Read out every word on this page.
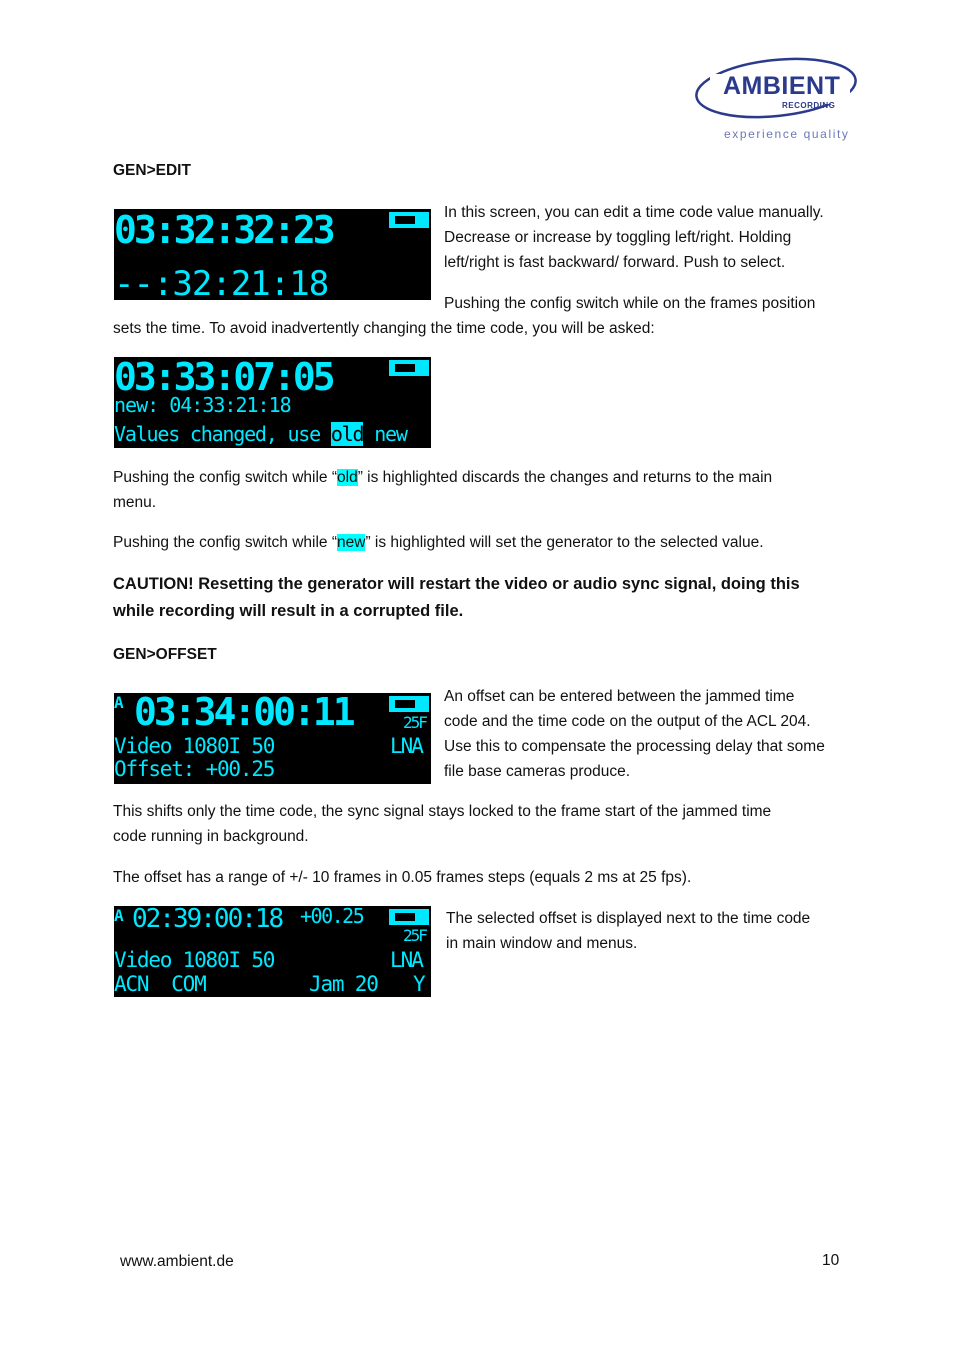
AMBIENT
RECORDING
experience quality
GEN>EDIT
03:32:32:23
--:32:21:18
In this screen, you can edit a time code value manually. Decrease or increase by toggling left/right. Holding left/right is fast backward/ forward. Push to select.
Pushing the config switch while on the frames position
sets the time. To avoid inadvertently changing the time code, you will be asked:
03:33:07:05
new: 04:33:21:18
Values changed, use old new
Pushing the config switch while “old” is highlighted discards the changes and returns to the main
menu.
Pushing the config switch while “new” is highlighted will set the generator to the selected value.
CAUTION! Resetting the generator will restart the video or audio sync signal, doing this
while recording will result in a corrupted file.
GEN>OFFSET
A 03:34:00:11	25F
Video 1080I 50	LNA
Offset: +00.25
An offset can be entered between the jammed time
code and the time code on the output of the ACL 204.
Use this to compensate the processing delay that some
file base cameras produce.
This shifts only the time code, the sync signal stays locked to the frame start of the jammed time
code running in background.
The offset has a range of +/- 10 frames in 0.05 frames steps (equals 2 ms at 25 fps).
A 02:39:00:18 +00.25
25F
Video 1080I 50	LNA
ACN  COM	Jam 20 Y
The selected offset is displayed next to the time code
in main window and menus.
www.ambient.de	10
